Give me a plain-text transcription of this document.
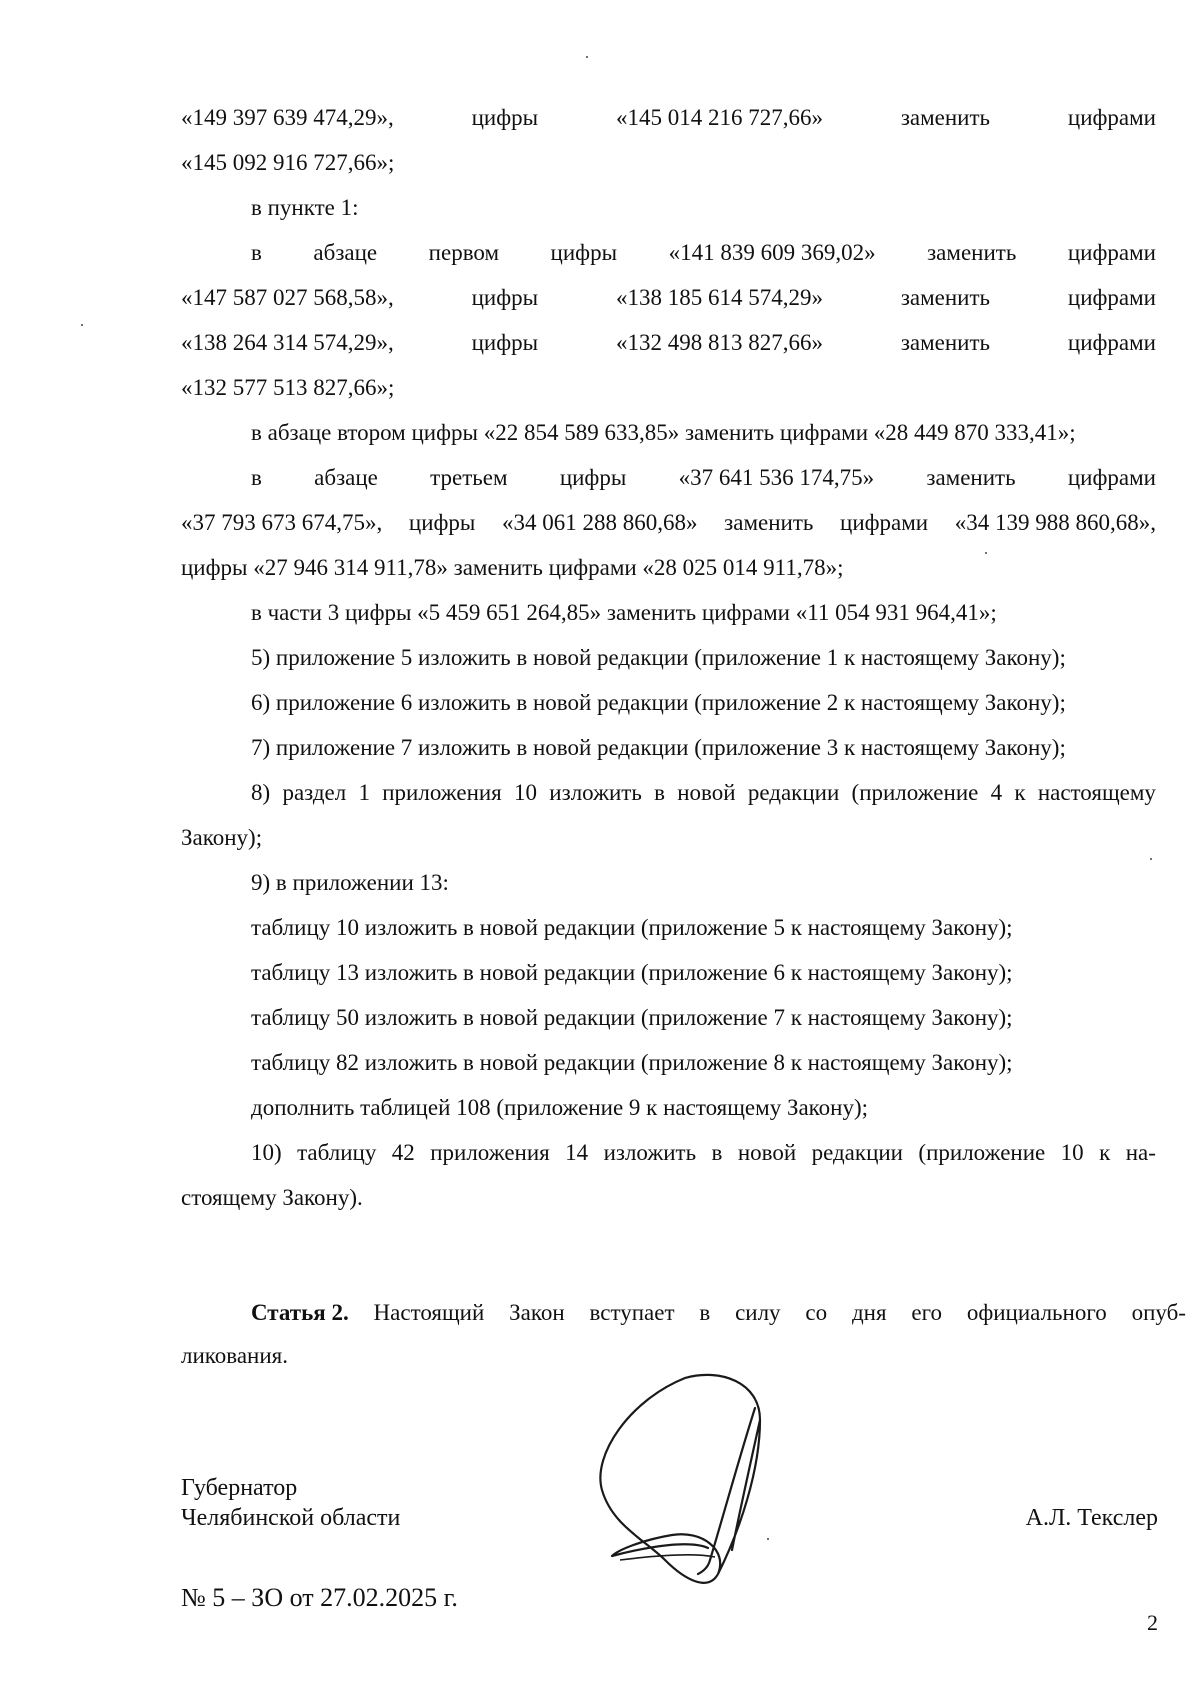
«149 397 639 474,29»,	цифры	«145 014 216 727,66»	заменить	цифрами
«145 092 916 727,66»;
в пункте 1:
в абзаце первом цифры «141 839 609 369,02» заменить цифрами
«147 587 027 568,58»,	цифры	«138 185 614 574,29»	заменить	цифрами
«138 264 314 574,29»,	цифры	«132 498 813 827,66»	заменить	цифрами
«132 577 513 827,66»;
в абзаце втором цифры «22 854 589 633,85» заменить цифрами «28 449 870 333,41»;
в абзаце третьем цифры «37 641 536 174,75» заменить цифрами
«37 793 673 674,75», цифры «34 061 288 860,68» заменить цифрами «34 139 988 860,68»,
цифры «27 946 314 911,78» заменить цифрами «28 025 014 911,78»;
в части 3 цифры «5 459 651 264,85» заменить цифрами «11 054 931 964,41»;
5) приложение 5 изложить в новой редакции (приложение 1 к настоящему Закону);
6) приложение 6 изложить в новой редакции (приложение 2 к настоящему Закону);
7) приложение 7 изложить в новой редакции (приложение 3 к настоящему Закону);
8) раздел 1 приложения 10 изложить в новой редакции (приложение 4 к настоящему
Закону);
9) в приложении 13:
таблицу 10 изложить в новой редакции (приложение 5 к настоящему Закону);
таблицу 13 изложить в новой редакции (приложение 6 к настоящему Закону);
таблицу 50 изложить в новой редакции (приложение 7 к настоящему Закону);
таблицу 82 изложить в новой редакции (приложение 8 к настоящему Закону);
дополнить таблицей 108 (приложение 9 к настоящему Закону);
10) таблицу 42 приложения 14 изложить в новой редакции (приложение 10 к на-
стоящему Закону).
Статья 2. Настоящий Закон вступает в силу со дня его официального опуб-
ликования.
Губернатор
Челябинской области	А.Л. Текслер
№ 5 – ЗО от 27.02.2025 г.
2
